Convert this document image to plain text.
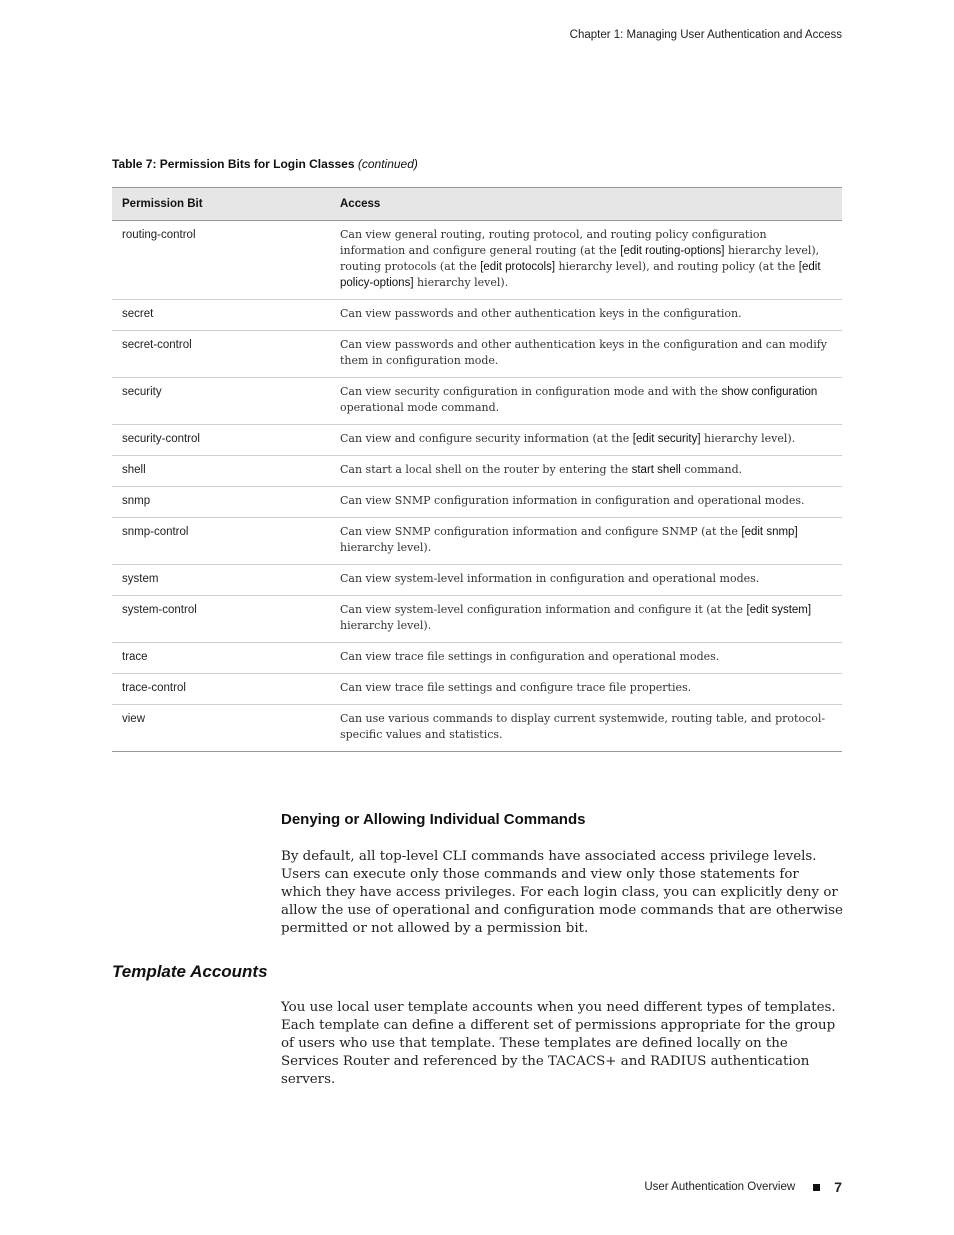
Chapter 1: Managing User Authentication and Access
Table 7: Permission Bits for Login Classes (continued)
Permission Bit	Access
routing-control	Can view general routing, routing protocol, and routing policy configuration information and configure general routing (at the [edit routing-options] hierarchy level), routing protocols (at the [edit protocols] hierarchy level), and routing policy (at the [edit policy-options] hierarchy level).
secret	Can view passwords and other authentication keys in the configuration.
secret-control	Can view passwords and other authentication keys in the configuration and can modify them in configuration mode.
security	Can view security configuration in configuration mode and with the show configuration operational mode command.
security-control	Can view and configure security information (at the [edit security] hierarchy level).
shell	Can start a local shell on the router by entering the start shell command.
snmp	Can view SNMP configuration information in configuration and operational modes.
snmp-control	Can view SNMP configuration information and configure SNMP (at the [edit snmp] hierarchy level).
system	Can view system-level information in configuration and operational modes.
system-control	Can view system-level configuration information and configure it (at the [edit system] hierarchy level).
trace	Can view trace file settings in configuration and operational modes.
trace-control	Can view trace file settings and configure trace file properties.
view	Can use various commands to display current systemwide, routing table, and protocol-specific values and statistics.
Denying or Allowing Individual Commands

By default, all top-level CLI commands have associated access privilege levels. Users can execute only those commands and view only those statements for which they have access privileges. For each login class, you can explicitly deny or allow the use of operational and configuration mode commands that are otherwise permitted or not allowed by a permission bit.

Template Accounts

You use local user template accounts when you need different types of templates. Each template can define a different set of permissions appropriate for the group of users who use that template. These templates are defined locally on the Services Router and referenced by the TACACS+ and RADIUS authentication servers.

User Authentication Overview	7
